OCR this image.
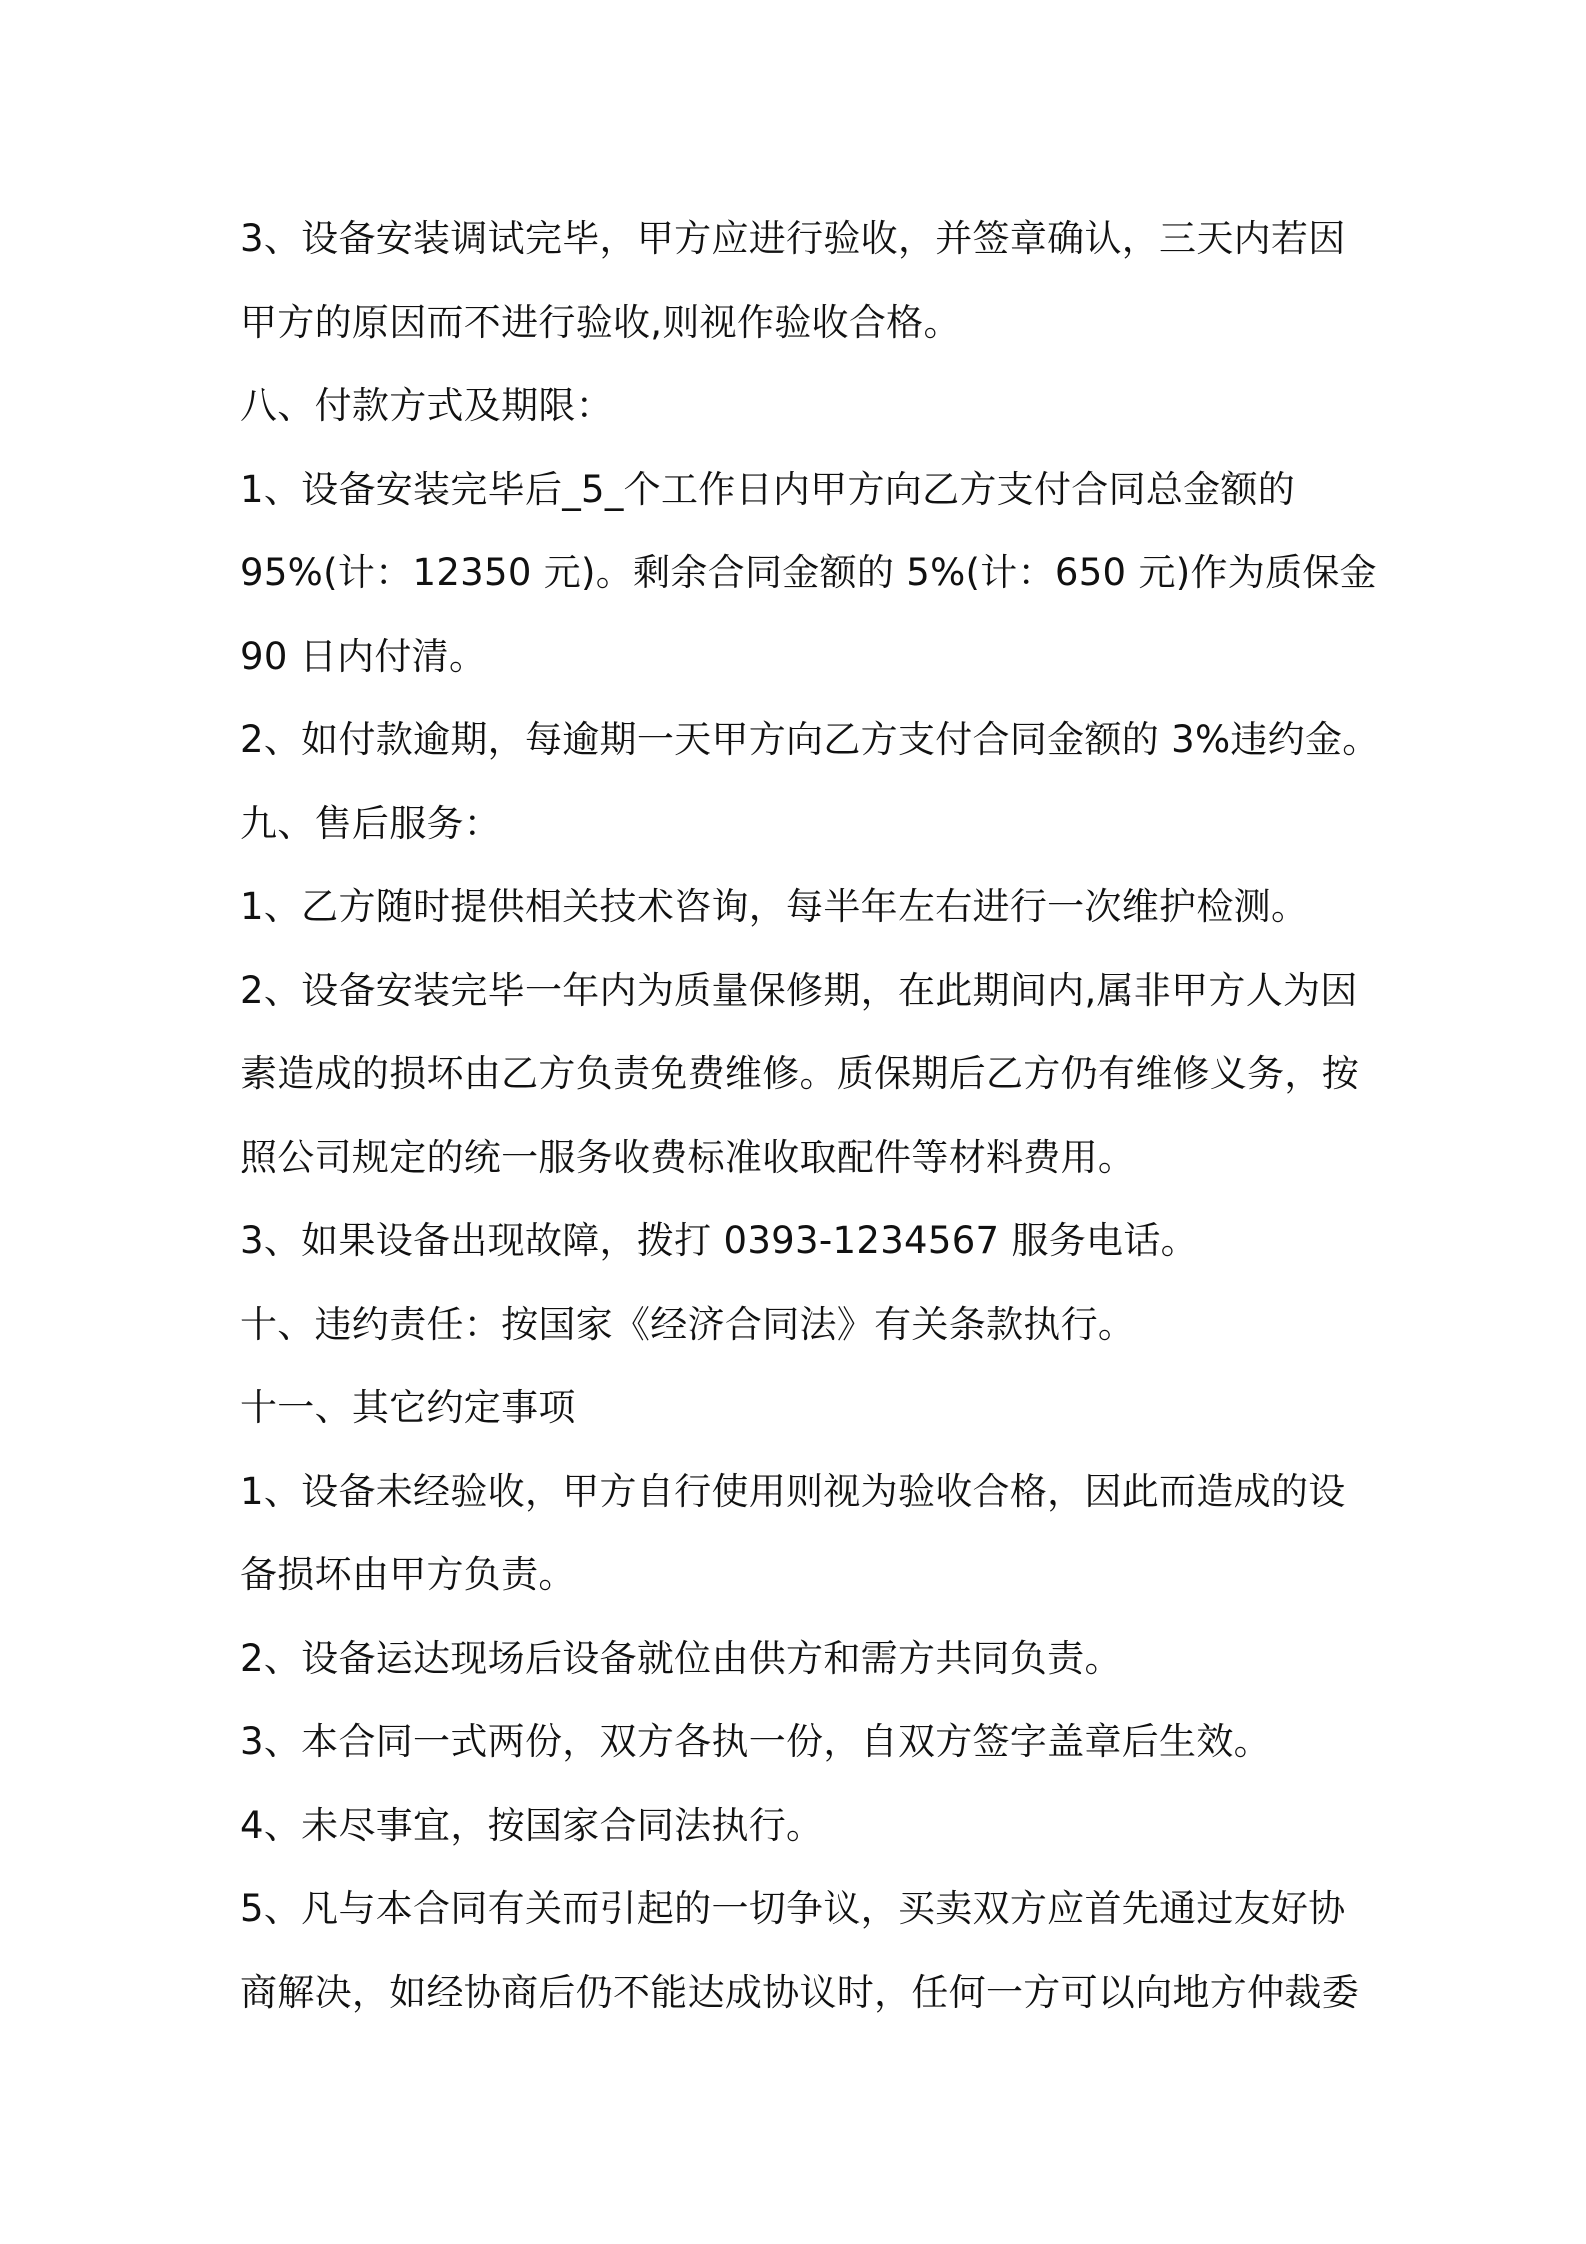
3、设备安装调试完毕，甲方应进行验收，并签章确认，三天内若因
甲方的原因而不进行验收,则视作验收合格。
八、付款方式及期限：
1、设备安装完毕后_5_个工作日内甲方向乙方支付合同总金额的
95%(计：12350 元)。剩余合同金额的 5%(计：650 元)作为质保金
90 日内付清。
2、如付款逾期，每逾期一天甲方向乙方支付合同金额的 3%违约金。
九、售后服务：
1、乙方随时提供相关技术咨询，每半年左右进行一次维护检测。
2、设备安装完毕一年内为质量保修期，在此期间内,属非甲方人为因
素造成的损坏由乙方负责免费维修。质保期后乙方仍有维修义务，按
照公司规定的统一服务收费标准收取配件等材料费用。
3、如果设备出现故障，拨打 0393-1234567 服务电话。
十、违约责任：按国家《经济合同法》有关条款执行。
十一、其它约定事项
1、设备未经验收，甲方自行使用则视为验收合格，因此而造成的设
备损坏由甲方负责。
2、设备运达现场后设备就位由供方和需方共同负责。
3、本合同一式两份，双方各执一份，自双方签字盖章后生效。
4、未尽事宜，按国家合同法执行。
5、凡与本合同有关而引起的一切争议，买卖双方应首先通过友好协
商解决，如经协商后仍不能达成协议时，任何一方可以向地方仲裁委
